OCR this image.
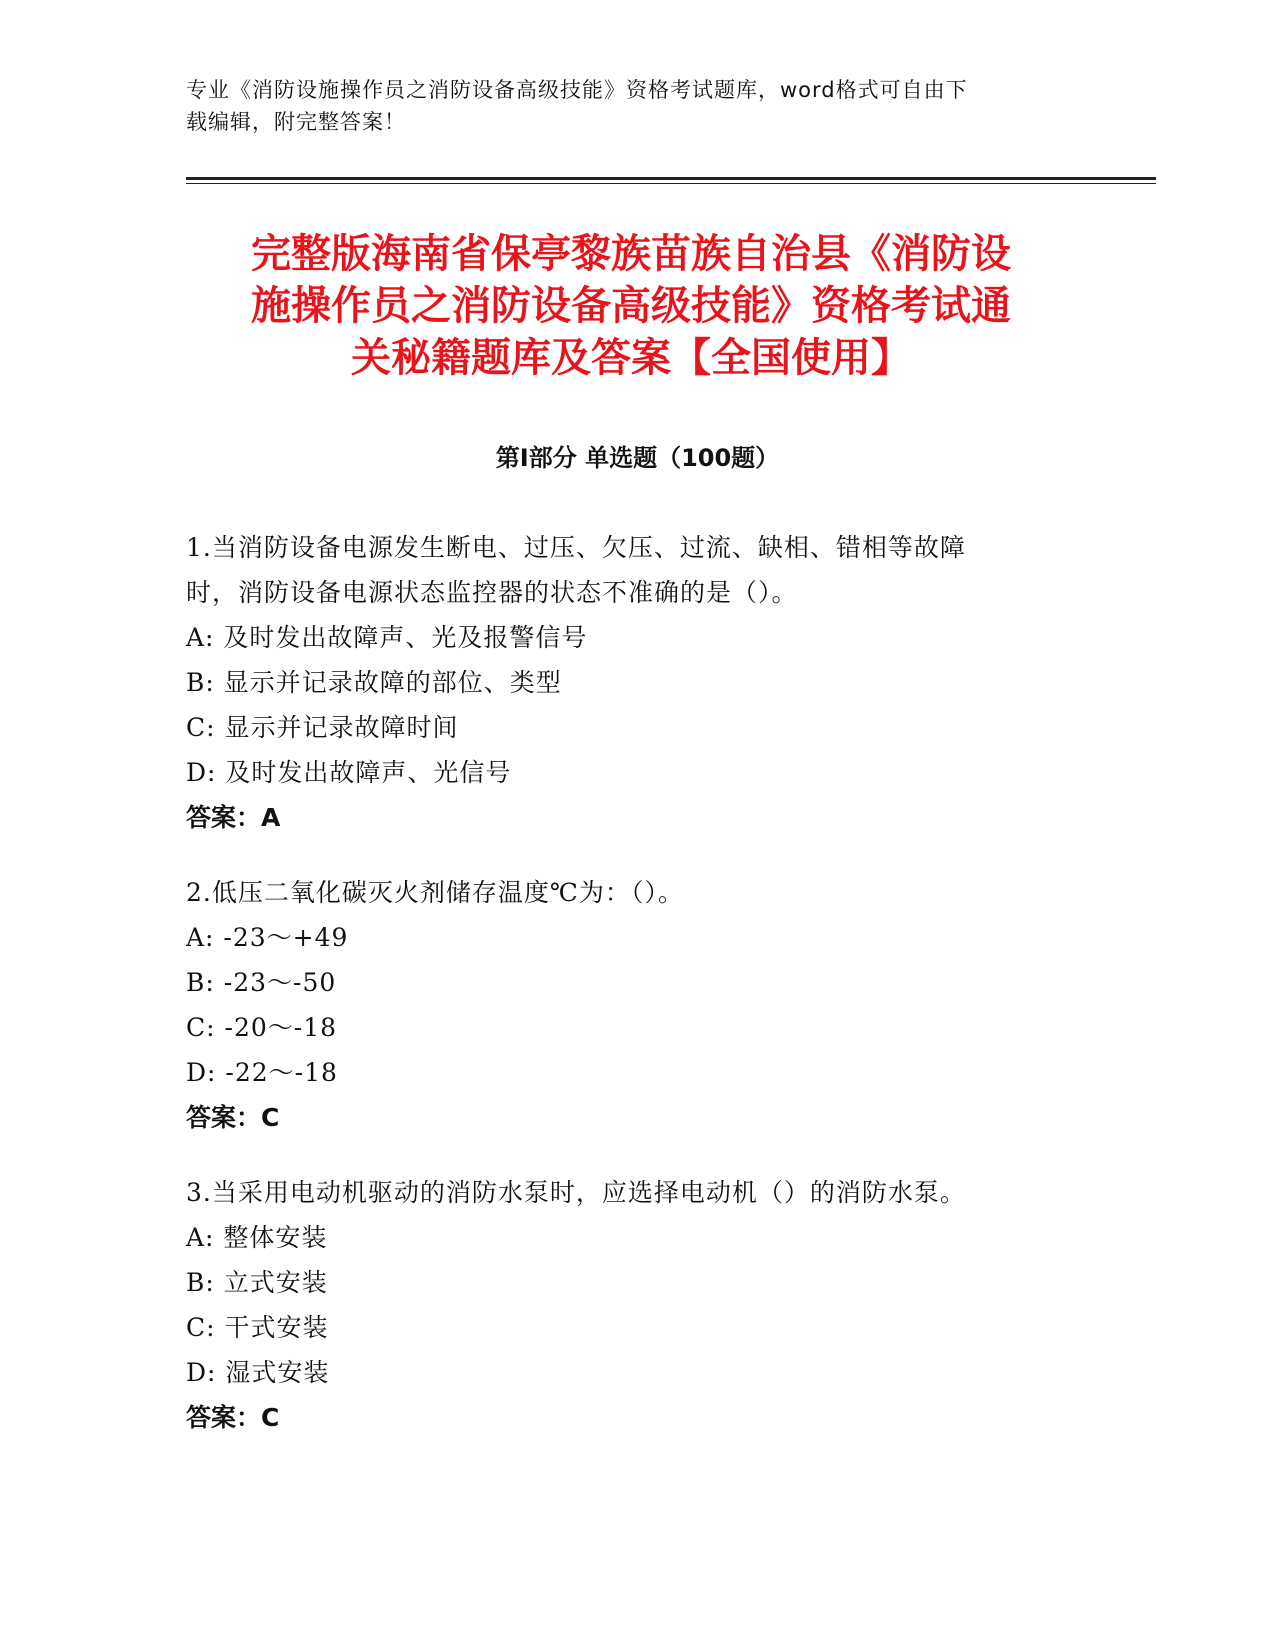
专业《消防设施操作员之消防设备高级技能》资格考试题库，word格式可自由下
载编辑，附完整答案！
完整版海南省保亭黎族苗族自治县《消防设
施操作员之消防设备高级技能》资格考试通
关秘籍题库及答案【全国使用】
第Ⅰ部分 单选题（100题）
1.当消防设备电源发生断电、过压、欠压、过流、缺相、错相等故障
时，消防设备电源状态监控器的状态不准确的是（）。
A: 及时发出故障声、光及报警信号
B: 显示并记录故障的部位、类型
C: 显示并记录故障时间
D: 及时发出故障声、光信号
答案：A
2.低压二氧化碳灭火剂储存温度℃为：（）。
A: -23～+49
B: -23～-50
C: -20～-18
D: -22～-18
答案：C
3.当采用电动机驱动的消防水泵时，应选择电动机（）的消防水泵。
A: 整体安装
B: 立式安装
C: 干式安装
D: 湿式安装
答案：C
